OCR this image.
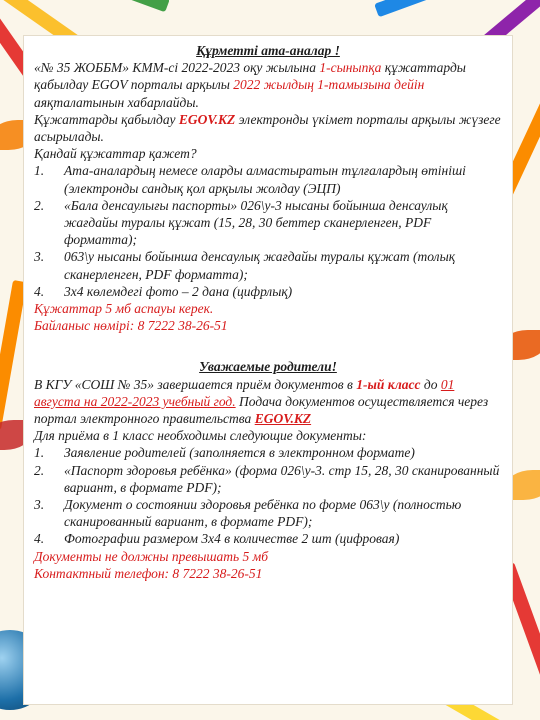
Құрметті ата-аналар !

«№ 35 ЖОББМ» КММ-сі 2022-2023 оқу жылына 1-сыныпқа құжаттарды қабылдау EGOV порталы арқылы 2022 жылдың 1-тамызына дейін аяқталатынын хабарлайды.

Құжаттарды қабылдау EGOV.KZ электронды үкімет порталы арқылы жүзеге асырылады.

Қандай құжаттар қажет?

1. Ата-аналардың немесе оларды алмастыратын тұлғалардың өтініші (электронды сандық қол арқылы жолдау (ЭЦП)
2. «Бала денсаулығы паспорты» 026\у-3 нысаны бойынша денсаулық жағдайы туралы құжат (15, 28, 30 беттер сканерленген, PDF форматта);
3. 063\у нысаны бойынша денсаулық жағдайы туралы құжат (толық сканерленген, PDF форматта);
4. 3х4 көлемдегі фото – 2 дана (цифрлық)

Құжаттар 5 мб аспауы керек.

Байланыс нөмірі: 8 7222 38-26-51

Уважаемые родители!

В КГУ «СОШ № 35» завершается приём документов в 1-ый класс до 01 августа на 2022-2023 учебный год. Подача документов осуществляется через портал электронного правительства EGOV.KZ

Для приёма в 1 класс необходимы следующие документы:

1. Заявление родителей (заполняется в электронном формате)
2. «Паспорт здоровья ребёнка» (форма 026\у-3. стр 15, 28, 30 сканированный вариант, в формате PDF);
3. Документ о состоянии здоровья ребёнка по форме 063\у (полностью сканированный вариант, в формате PDF);
4. Фотографии размером 3х4 в количестве 2 шт (цифровая)

Документы не должны превышать 5 мб

Контактный телефон: 8 7222 38-26-51
